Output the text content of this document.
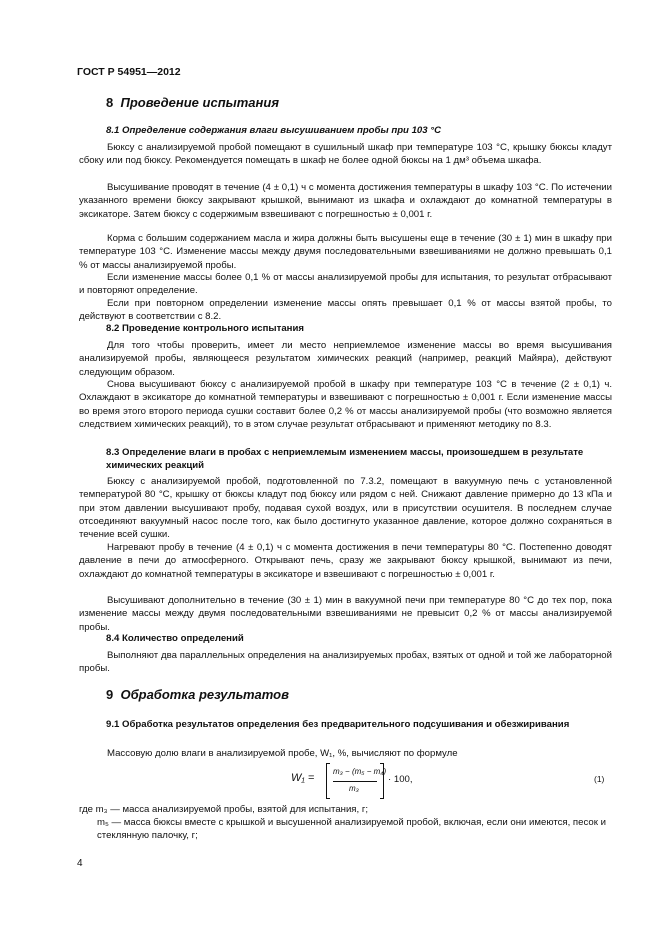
ГОСТ Р 54951—2012
8 Проведение испытания
8.1 Определение содержания влаги высушиванием пробы при 103 °C
Бюксу с анализируемой пробой помещают в сушильный шкаф при температуре 103 °C, крышку бюксы кладут сбоку или под бюксу. Рекомендуется помещать в шкаф не более одной бюксы на 1 дм³ объема шкафа.
Высушивание проводят в течение (4 ± 0,1) ч с момента достижения температуры в шкафу 103 °C. По истечении указанного времени бюксу закрывают крышкой, вынимают из шкафа и охлаждают до комнатной температуры в эксикаторе. Затем бюксу с содержимым взвешивают с погрешностью ± 0,001 г.
Корма с большим содержанием масла и жира должны быть высушены еще в течение (30 ± 1) мин в шкафу при температуре 103 °C. Изменение массы между двумя последовательными взвешиваниями не должно превышать 0,1 % от массы анализируемой пробы.
Если изменение массы более 0,1 % от массы анализируемой пробы для испытания, то результат отбрасывают и повторяют определение.
Если при повторном определении изменение массы опять превышает 0,1 % от массы взятой пробы, то действуют в соответствии с 8.2.
8.2 Проведение контрольного испытания
Для того чтобы проверить, имеет ли место неприемлемое изменение массы во время высушивания анализируемой пробы, являющееся результатом химических реакций (например, реакций Майяра), действуют следующим образом.
Снова высушивают бюксу с анализируемой пробой в шкафу при температуре 103 °C в течение (2 ± 0,1) ч. Охлаждают в эксикаторе до комнатной температуры и взвешивают с погрешностью ± 0,001 г. Если изменение массы во время этого второго периода сушки составит более 0,2 % от массы анализируемой пробы (что возможно является следствием химических реакций), то в этом случае результат отбрасывают и применяют методику по 8.3.
8.3 Определение влаги в пробах с неприемлемым изменением массы, произошедшем в результате химических реакций
Бюксу с анализируемой пробой, подготовленной по 7.3.2, помещают в вакуумную печь с установленной температурой 80 °C, крышку от бюксы кладут под бюксу или рядом с ней. Снижают давление примерно до 13 кПа и при этом давлении высушивают пробу, подавая сухой воздух, или в присутствии осушителя. В последнем случае отсоединяют вакуумный насос после того, как было достигнуто указанное давление, которое должно сохраняться в течение всей сушки.
Нагревают пробу в течение (4 ± 0,1) ч с момента достижения в печи температуры 80 °C. Постепенно доводят давление в печи до атмосферного. Открывают печь, сразу же закрывают бюксу крышкой, вынимают из печи, охлаждают до комнатной температуры в эксикаторе и взвешивают с погрешностью ± 0,001 г.
Высушивают дополнительно в течение (30 ± 1) мин в вакуумной печи при температуре 80 °C до тех пор, пока изменение массы между двумя последовательными взвешиваниями не превысит 0,2 % от массы анализируемой пробы.
8.4 Количество определений
Выполняют два параллельных определения на анализируемых пробах, взятых от одной и той же лабораторной пробы.
9 Обработка результатов
9.1 Обработка результатов определения без предварительного подсушивания и обезжиривания
Массовую долю влаги в анализируемой пробе, W₁, %, вычисляют по формуле
W₁ =
m₃ − (m₅ − m₄)
m₃
· 100,	(1)
где m₃ — масса анализируемой пробы, взятой для испытания, г;
m₅ — масса бюксы вместе с крышкой и высушенной анализируемой пробой, включая, если они имеются, песок и стеклянную палочку, г;
4
